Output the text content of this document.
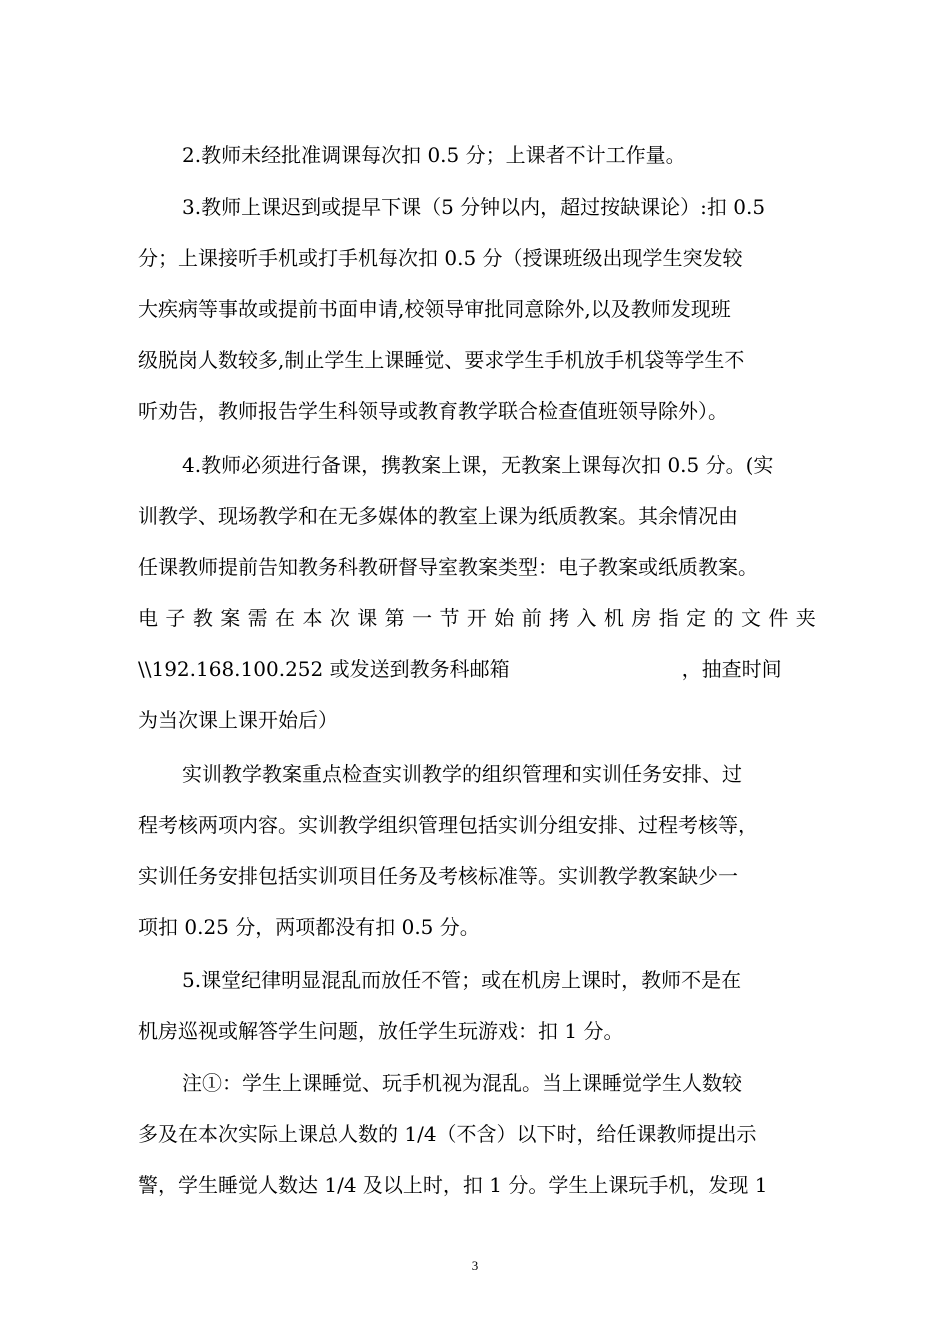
2.教师未经批准调课每次扣 0.5 分；上课者不计工作量。
3.教师上课迟到或提早下课（5 分钟以内，超过按缺课论）:扣 0.5
分；上课接听手机或打手机每次扣 0.5 分（授课班级出现学生突发较
大疾病等事故或提前书面申请,校领导审批同意除外,以及教师发现班
级脱岗人数较多,制止学生上课睡觉、要求学生手机放手机袋等学生不
听劝告，教师报告学生科领导或教育教学联合检查值班领导除外）。
4.教师必须进行备课，携教案上课，无教案上课每次扣 0.5 分。(实
训教学、现场教学和在无多媒体的教室上课为纸质教案。其余情况由
任课教师提前告知教务科教研督导室教案类型：电子教案或纸质教案。
电 子 教 案 需 在 本 次 课 第 一 节 开 始 前 拷 入 机 房 指 定 的 文 件 夹
\\192.168.100.252 或发送到教务科邮箱	，抽查时间
为当次课上课开始后）
实训教学教案重点检查实训教学的组织管理和实训任务安排、过
程考核两项内容。实训教学组织管理包括实训分组安排、过程考核等，
实训任务安排包括实训项目任务及考核标准等。实训教学教案缺少一
项扣 0.25 分，两项都没有扣 0.5 分。
5.课堂纪律明显混乱而放任不管；或在机房上课时，教师不是在
机房巡视或解答学生问题，放任学生玩游戏：扣 1 分。
注①：学生上课睡觉、玩手机视为混乱。当上课睡觉学生人数较
多及在本次实际上课总人数的 1/4（不含）以下时，给任课教师提出示
警，学生睡觉人数达 1/4 及以上时，扣 1 分。学生上课玩手机，发现 1
3
